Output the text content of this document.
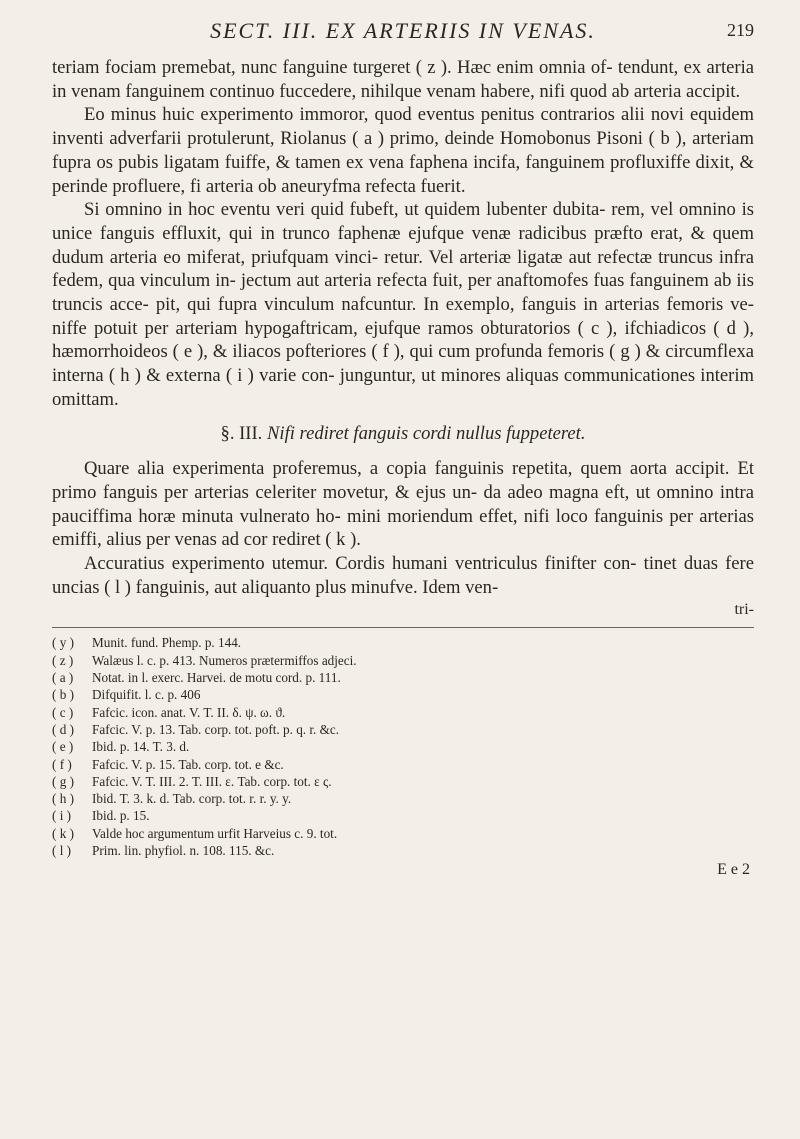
SECT. III. EX ARTERIIS IN VENAS.	219

teriam fociam premebat, nunc fanguine turgeret ( z ). Hæc enim omnia of- tendunt, ex arteria in venam fanguinem continuo fuccedere, nihilque venam habere, nifi quod ab arteria accipit.

Eo minus huic experimento immoror, quod eventus penitus contrarios alii novi equidem inventi adverfarii protulerunt, Riolanus ( a ) primo, deinde Homobonus Pisoni ( b ), arteriam fupra os pubis ligatam fuiffe, & tamen ex vena faphena incifa, fanguinem profluxiffe dixit, & perinde profluere, fi arteria ob aneuryfma refecta fuerit.

Si omnino in hoc eventu veri quid fubeft, ut quidem lubenter dubita- rem, vel omnino is unice fanguis effluxit, qui in trunco faphenæ ejufque venæ radicibus præfto erat, & quem dudum arteria eo miferat, priufquam vinci- retur. Vel arteriæ ligatæ aut refectæ truncus infra fedem, qua vinculum in- jectum aut arteria refecta fuit, per anaftomofes fuas fanguinem ab iis truncis acce- pit, qui fupra vinculum nafcuntur. In exemplo, fanguis in arterias femoris ve- niffe potuit per arteriam hypogaftricam, ejufque ramos obturatorios ( c ), ifchiadicos ( d ), hæmorrhoideos ( e ), & iliacos pofteriores ( f ), qui cum profunda femoris ( g ) & circumflexa interna ( h ) & externa ( i ) varie con- junguntur, ut minores aliquas communicationes interim omittam.

§. III. Nifi rediret fanguis cordi nullus fuppeteret.

Quare alia experimenta proferemus, a copia fanguinis repetita, quem aorta accipit. Et primo fanguis per arterias celeriter movetur, & ejus un- da adeo magna eft, ut omnino intra pauciffima horæ minuta vulnerato ho- mini moriendum effet, nifi loco fanguinis per arterias emiffi, alius per venas ad cor rediret ( k ).

Accuratius experimento utemur. Cordis humani ventriculus finifter con- tinet duas fere uncias ( l ) fanguinis, aut aliquanto plus minufve. Idem ven-

tri-
( y )	Munit. fund. Phemp. p. 144.
( z )	Walæus l. c. p. 413. Numeros prætermiffos adjeci.
( a )	Notat. in l. exerc. Harvei. de motu cord. p. 111.
( b )	Difquifit. l. c. p. 406
( c )	Fafcic. icon. anat. V. T. II. δ. ψ. ω. ϑ.
( d )	Fafcic. V. p. 13. Tab. corp. tot. poft. p. q. r. &c.
( e )	Ibid. p. 14. T. 3. d.
( f )	Fafcic. V. p. 15. Tab. corp. tot. e &c.
( g )	Fafcic. V. T. III. 2. T. III. ε. Tab. corp. tot. ε ς.
( h )	Ibid. T. 3. k. d. Tab. corp. tot. r. r. y. y.
( i )	Ibid. p. 15.
( k )	Valde hoc argumentum urfit Harveius c. 9. tot.
( l )	Prim. lin. phyfiol. n. 108. 115. &c.
E e 2
